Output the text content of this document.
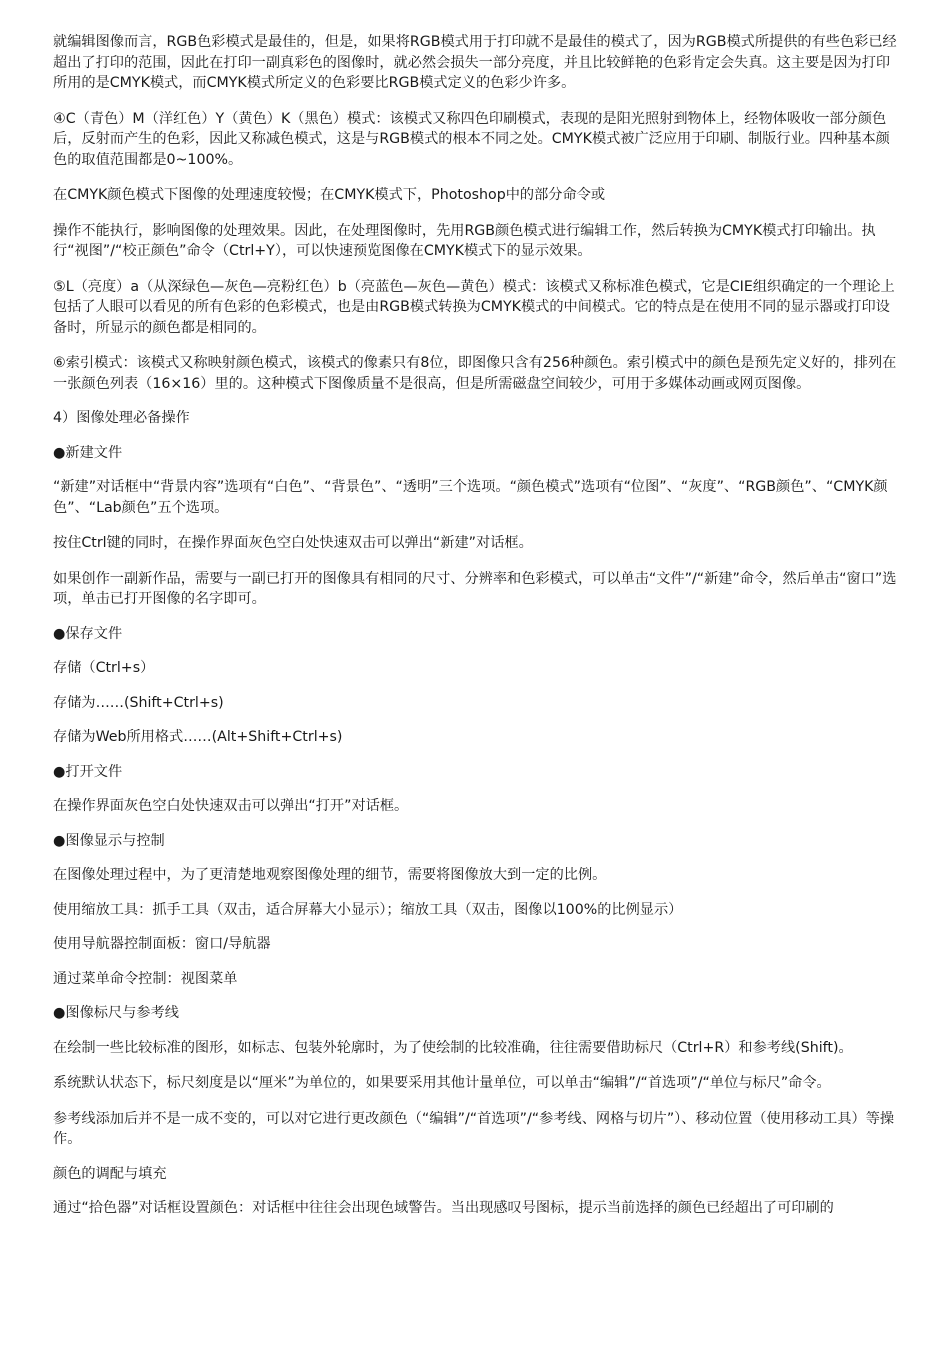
就编辑图像而言，RGB色彩模式是最佳的，但是，如果将RGB模式用于打印就不是最佳的模式了，因为RGB模式所提供的有些色彩已经超出了打印的范围，因此在打印一副真彩色的图像时，就必然会损失一部分亮度，并且比较鲜艳的色彩肯定会失真。这主要是因为打印所用的是CMYK模式，而CMYK模式所定义的色彩要比RGB模式定义的色彩少许多。

④C（青色）M（洋红色）Y（黄色）K（黑色）模式：该模式又称四色印刷模式，表现的是阳光照射到物体上，经物体吸收一部分颜色后，反射而产生的色彩，因此又称减色模式，这是与RGB模式的根本不同之处。CMYK模式被广泛应用于印刷、制版行业。四种基本颜色的取值范围都是0~100%。

在CMYK颜色模式下图像的处理速度较慢；在CMYK模式下，Photoshop中的部分命令或

操作不能执行，影响图像的处理效果。因此，在处理图像时，先用RGB颜色模式进行编辑工作，然后转换为CMYK模式打印输出。执行“视图”/“校正颜色”命令（Ctrl+Y），可以快速预览图像在CMYK模式下的显示效果。

⑤L（亮度）a（从深绿色—灰色—亮粉红色）b（亮蓝色—灰色—黄色）模式：该模式又称标准色模式，它是CIE组织确定的一个理论上包括了人眼可以看见的所有色彩的色彩模式，也是由RGB模式转换为CMYK模式的中间模式。它的特点是在使用不同的显示器或打印设备时，所显示的颜色都是相同的。

⑥索引模式：该模式又称映射颜色模式，该模式的像素只有8位，即图像只含有256种颜色。索引模式中的颜色是预先定义好的，排列在一张颜色列表（16×16）里的。这种模式下图像质量不是很高，但是所需磁盘空间较少，可用于多媒体动画或网页图像。

4）图像处理必备操作

●新建文件

“新建”对话框中“背景内容”选项有“白色”、“背景色”、“透明”三个选项。“颜色模式”选项有“位图”、“灰度”、“RGB颜色”、“CMYK颜色”、“Lab颜色”五个选项。

按住Ctrl键的同时，在操作界面灰色空白处快速双击可以弹出“新建”对话框。

如果创作一副新作品，需要与一副已打开的图像具有相同的尺寸、分辨率和色彩模式，可以单击“文件”/“新建”命令，然后单击“窗口”选项，单击已打开图像的名字即可。

●保存文件

存储（Ctrl+s）

存储为……(Shift+Ctrl+s)

存储为Web所用格式……(Alt+Shift+Ctrl+s)

●打开文件

在操作界面灰色空白处快速双击可以弹出“打开”对话框。

●图像显示与控制

在图像处理过程中，为了更清楚地观察图像处理的细节，需要将图像放大到一定的比例。

使用缩放工具：抓手工具（双击，适合屏幕大小显示）；缩放工具（双击，图像以100%的比例显示）

使用导航器控制面板：窗口/导航器

通过菜单命令控制：视图菜单

●图像标尺与参考线

在绘制一些比较标准的图形，如标志、包装外轮廓时，为了使绘制的比较准确，往往需要借助标尺（Ctrl+R）和参考线(Shift)。

系统默认状态下，标尺刻度是以“厘米”为单位的，如果要采用其他计量单位，可以单击“编辑”/“首选项”/“单位与标尺”命令。

参考线添加后并不是一成不变的，可以对它进行更改颜色（“编辑”/“首选项”/“参考线、网格与切片”）、移动位置（使用移动工具）等操作。

颜色的调配与填充

通过“拾色器”对话框设置颜色：对话框中往往会出现色域警告。当出现感叹号图标，提示当前选择的颜色已经超出了可印刷的
